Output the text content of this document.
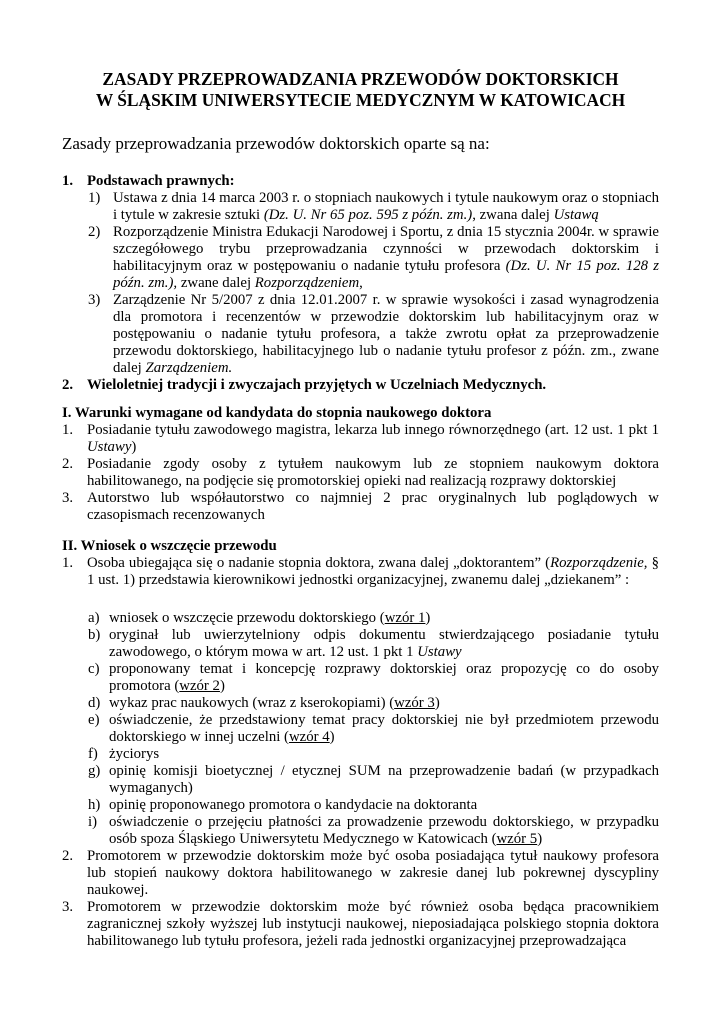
ZASADY PRZEPROWADZANIA PRZEWODÓW DOKTORSKICH
W ŚLĄSKIM UNIWERSYTECIE MEDYCZNYM W KATOWICACH

Zasady przeprowadzania przewodów doktorskich oparte są na:

1. Podstawach prawnych:
1) Ustawa z dnia 14 marca 2003 r. o stopniach naukowych i tytule naukowym oraz o stopniach i tytule w zakresie sztuki (Dz. U. Nr 65 poz. 595 z późn. zm.), zwana dalej Ustawą
2) Rozporządzenie Ministra Edukacji Narodowej i Sportu, z dnia 15 stycznia 2004r. w sprawie szczegółowego trybu przeprowadzania czynności w przewodach doktorskim i habilitacyjnym oraz w postępowaniu o nadanie tytułu profesora (Dz. U. Nr 15 poz. 128 z późn. zm.), zwane dalej Rozporządzeniem,
3) Zarządzenie Nr 5/2007 z dnia 12.01.2007 r. w sprawie wysokości i zasad wynagrodzenia dla promotora i recenzentów w przewodzie doktorskim lub habilitacyjnym oraz w postępowaniu o nadanie tytułu profesora, a także zwrotu opłat za przeprowadzenie przewodu doktorskiego, habilitacyjnego lub o nadanie tytułu profesor z późn. zm., zwane dalej Zarządzeniem.
2. Wieloletniej tradycji i zwyczajach przyjętych w Uczelniach Medycznych.
I. Warunki wymagane od kandydata do stopnia naukowego doktora
1. Posiadanie tytułu zawodowego magistra, lekarza lub innego równorzędnego (art. 12 ust. 1 pkt 1 Ustawy)
2. Posiadanie zgody osoby z tytułem naukowym lub ze stopniem naukowym doktora habilitowanego, na podjęcie się promotorskiej opieki nad realizacją rozprawy doktorskiej
3. Autorstwo lub współautorstwo co najmniej 2 prac oryginalnych lub poglądowych w czasopismach recenzowanych
II. Wniosek o wszczęcie przewodu
1. Osoba ubiegająca się o nadanie stopnia doktora, zwana dalej „doktorantem” (Rozporządzenie, § 1 ust. 1) przedstawia kierownikowi jednostki organizacyjnej, zwanemu dalej „dziekanem” :
a) wniosek o wszczęcie przewodu doktorskiego (wzór 1)
b) oryginał lub uwierzytelniony odpis dokumentu stwierdzającego posiadanie tytułu zawodowego, o którym mowa w art. 12 ust. 1 pkt 1 Ustawy
c) proponowany temat i koncepcję rozprawy doktorskiej oraz propozycję co do osoby promotora (wzór 2)
d) wykaz prac naukowych (wraz z kserokopiami) (wzór 3)
e) oświadczenie, że przedstawiony temat pracy doktorskiej nie był przedmiotem przewodu doktorskiego w innej uczelni (wzór 4)
f) życiorys
g) opinię komisji bioetycznej / etycznej SUM na przeprowadzenie badań (w przypadkach wymaganych)
h) opinię proponowanego promotora o kandydacie na doktoranta
i) oświadczenie o przejęciu płatności za prowadzenie przewodu doktorskiego, w przypadku osób spoza Śląskiego Uniwersytetu Medycznego w Katowicach (wzór 5)
2. Promotorem w przewodzie doktorskim może być osoba posiadająca tytuł naukowy profesora lub stopień naukowy doktora habilitowanego w zakresie danej lub pokrewnej dyscypliny naukowej.
3. Promotorem w przewodzie doktorskim może być również osoba będąca pracownikiem zagranicznej szkoły wyższej lub instytucji naukowej, nieposiadająca polskiego stopnia doktora habilitowanego lub tytułu profesora, jeżeli rada jednostki organizacyjnej przeprowadzająca
